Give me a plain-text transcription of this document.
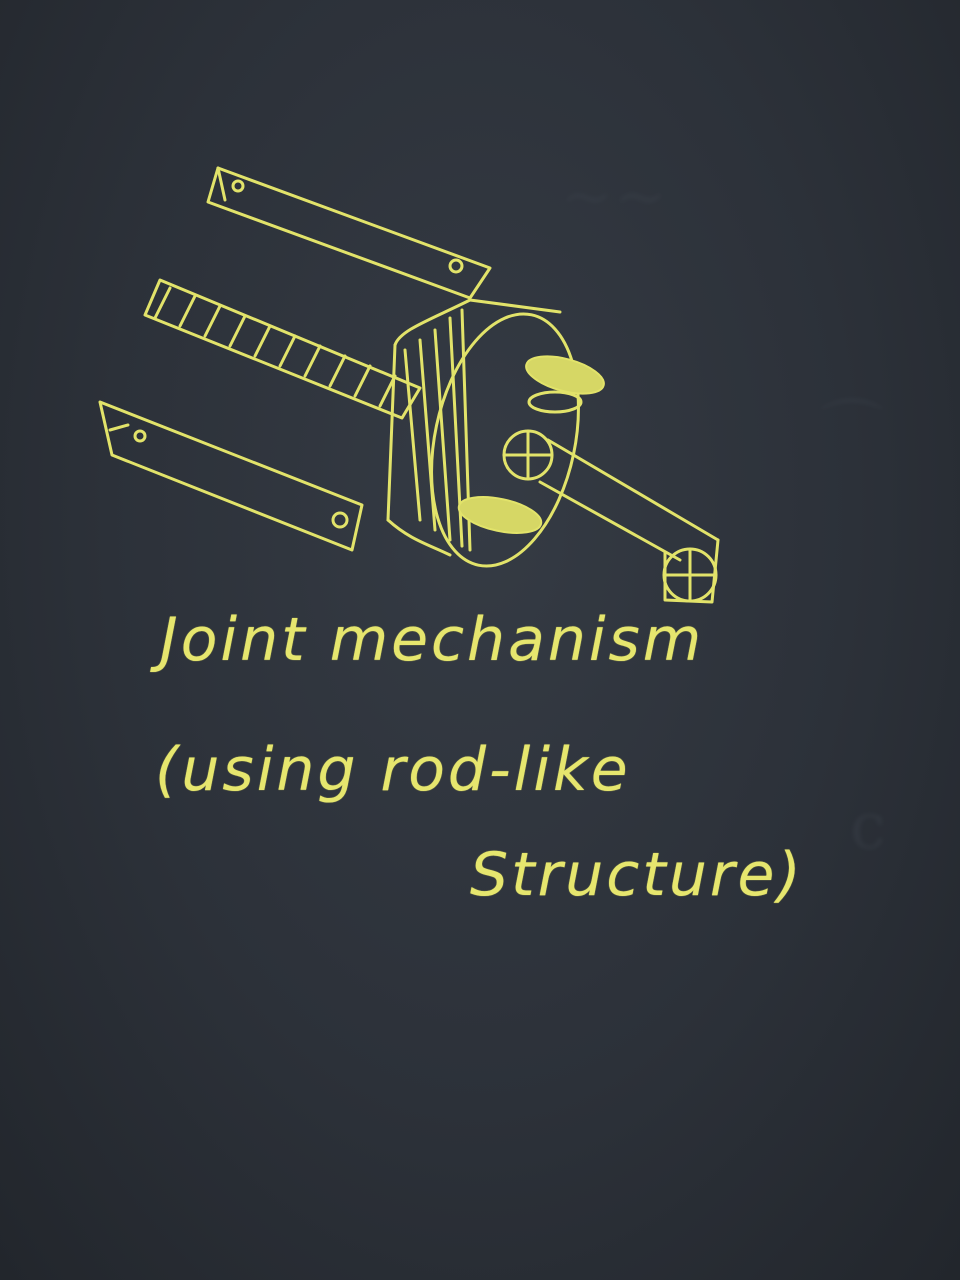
∼∼
⌒
c
Joint mechanism
(using rod-like
Structure)
